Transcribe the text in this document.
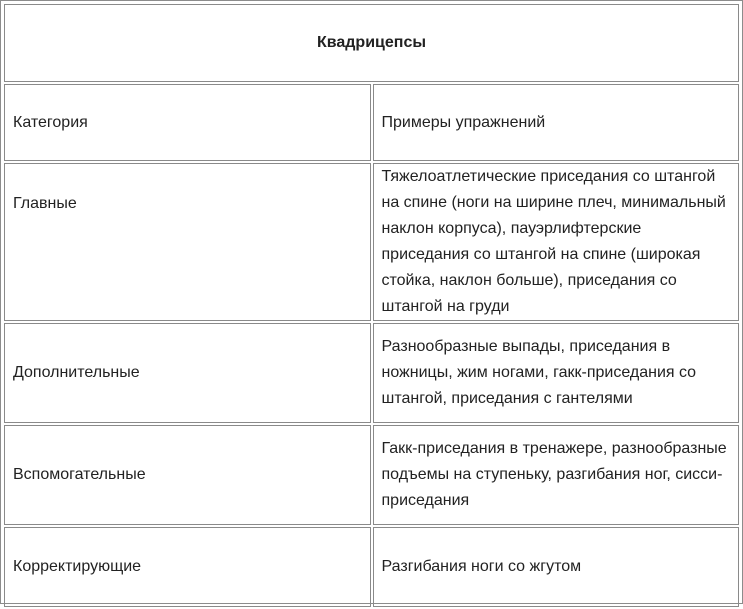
Квадрицепсы	
Категория	Примеры упражнений
Главные	Тяжелоатлетические приседания со штангой на спине (ноги на ширине плеч, минимальный наклон корпуса), пауэрлифтерские приседания со штангой на спине (широкая стойка, наклон больше), приседания со штангой на груди
Дополнительные	Разнообразные выпады, приседания в ножницы, жим ногами, гакк-приседания со штангой, приседания с гантелями
Вспомогательные	Гакк-приседания в тренажере, разнообразные подъемы на ступеньку, разгибания ног, сисси-приседания
Корректирующие	Разгибания ноги со жгутом
